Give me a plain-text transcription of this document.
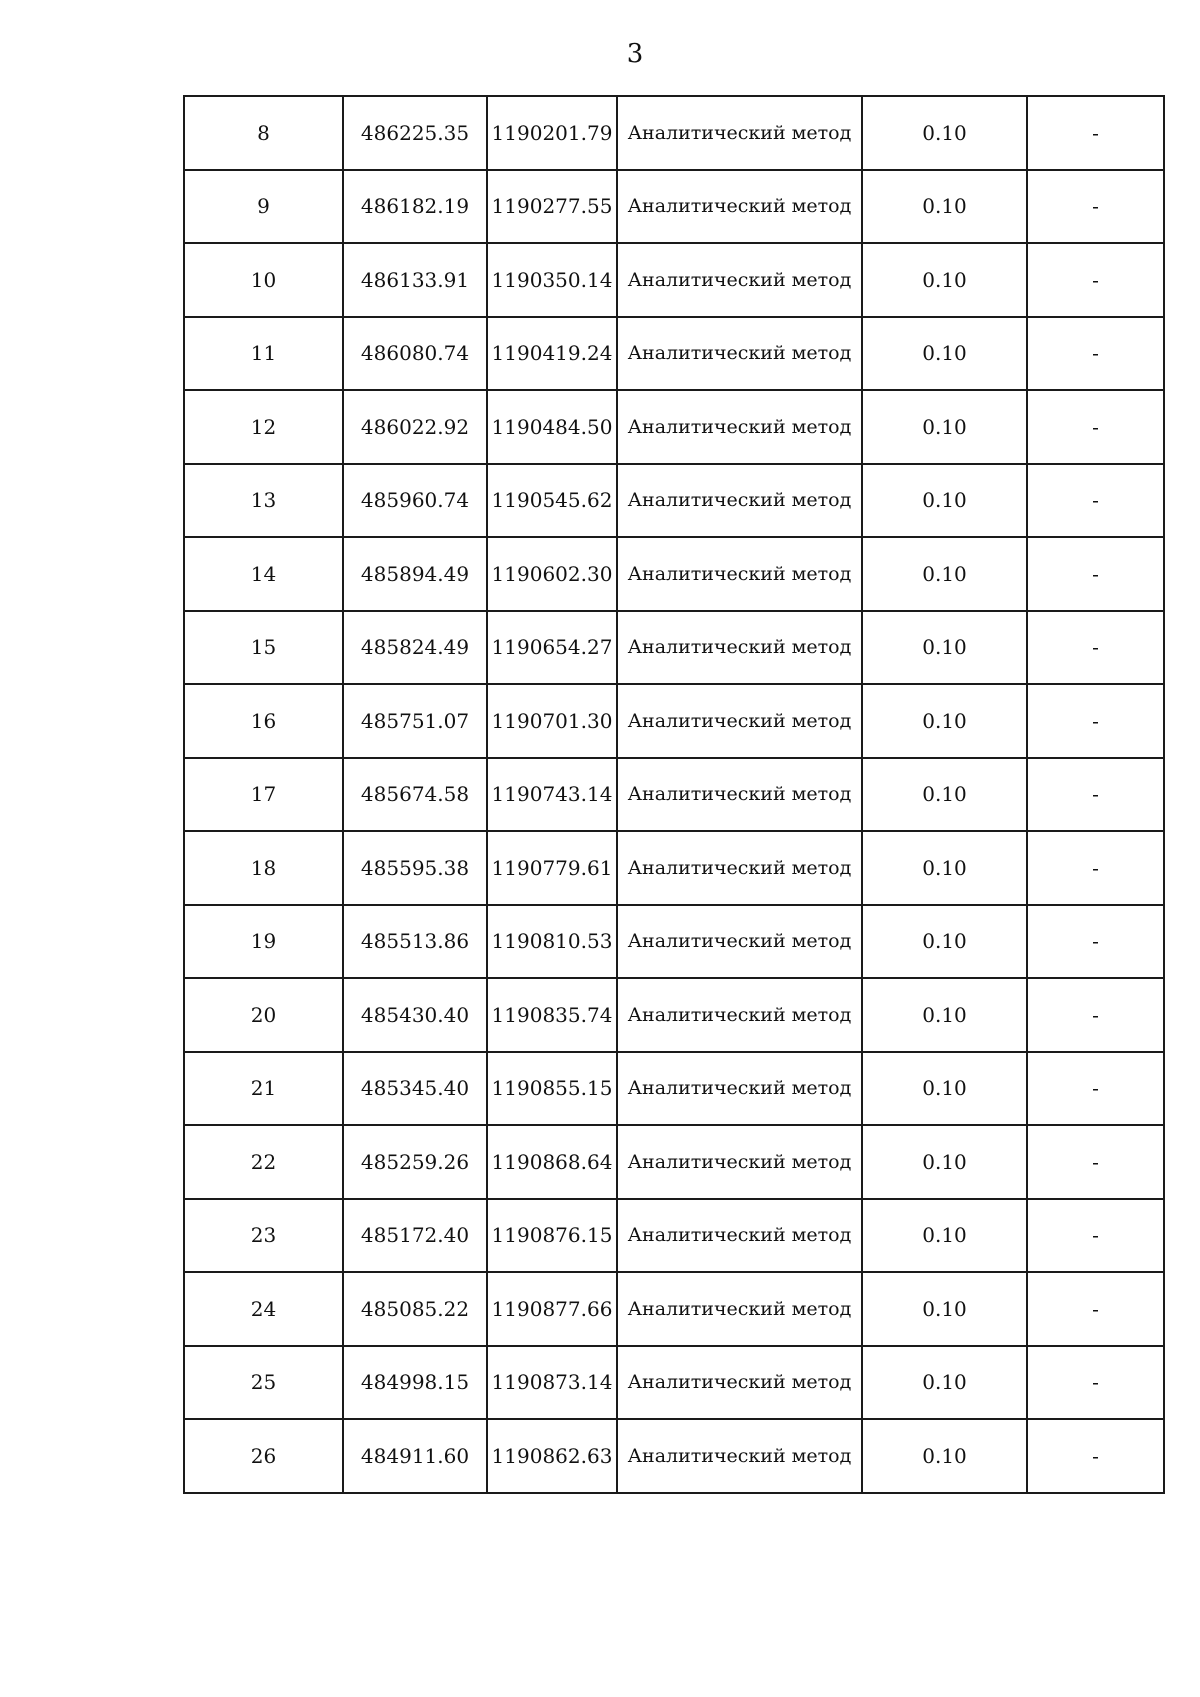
3
8	486225.35	1190201.79	Аналитический метод	0.10	-
9	486182.19	1190277.55	Аналитический метод	0.10	-
10	486133.91	1190350.14	Аналитический метод	0.10	-
11	486080.74	1190419.24	Аналитический метод	0.10	-
12	486022.92	1190484.50	Аналитический метод	0.10	-
13	485960.74	1190545.62	Аналитический метод	0.10	-
14	485894.49	1190602.30	Аналитический метод	0.10	-
15	485824.49	1190654.27	Аналитический метод	0.10	-
16	485751.07	1190701.30	Аналитический метод	0.10	-
17	485674.58	1190743.14	Аналитический метод	0.10	-
18	485595.38	1190779.61	Аналитический метод	0.10	-
19	485513.86	1190810.53	Аналитический метод	0.10	-
20	485430.40	1190835.74	Аналитический метод	0.10	-
21	485345.40	1190855.15	Аналитический метод	0.10	-
22	485259.26	1190868.64	Аналитический метод	0.10	-
23	485172.40	1190876.15	Аналитический метод	0.10	-
24	485085.22	1190877.66	Аналитический метод	0.10	-
25	484998.15	1190873.14	Аналитический метод	0.10	-
26	484911.60	1190862.63	Аналитический метод	0.10	-
